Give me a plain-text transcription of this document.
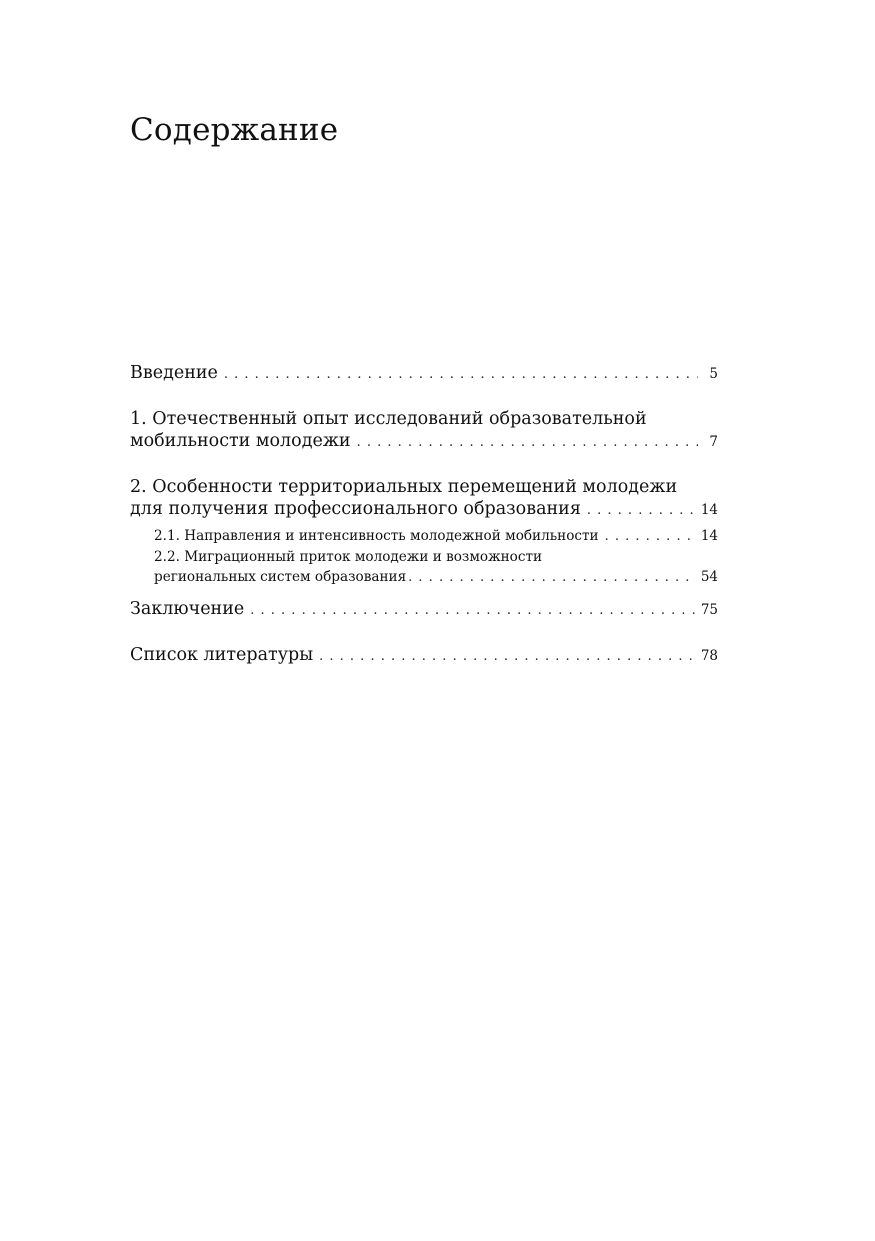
Содержание
Введение . . .	5
1. Отечественный опыт исследований образовательной
мобильности молодежи . . .	7
2. Особенности территориальных перемещений молодежи
для получения профессионального образования . . .	14
2.1. Направления и интенсивность молодежной мобильности . . .	14
2.2. Миграционный приток молодежи и возможности
региональных систем образования . . .	54
Заключение . . .	75
Список литературы . . .	78
